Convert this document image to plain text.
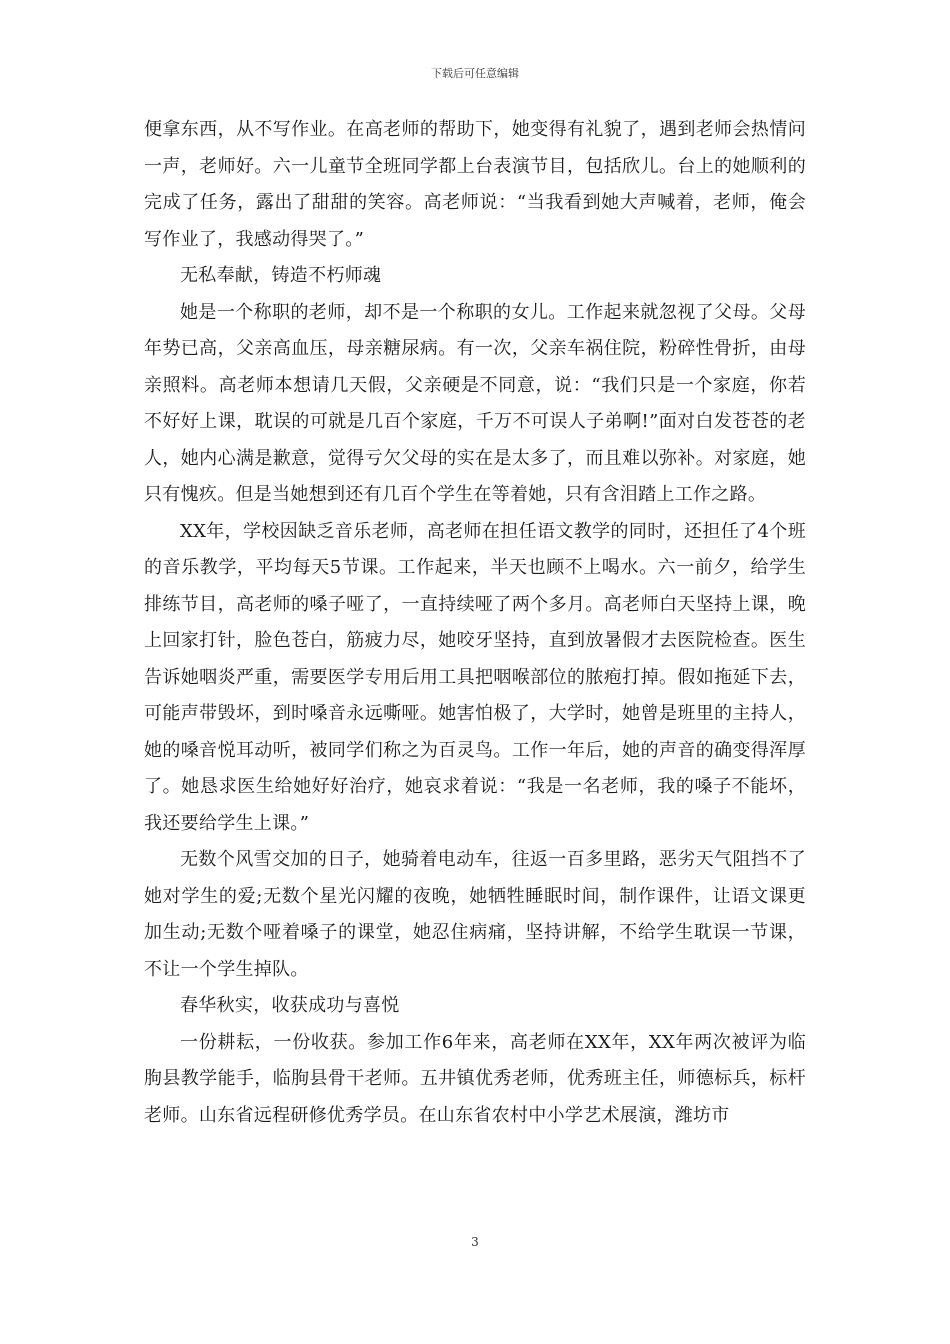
下载后可任意编辑

便拿东西，从不写作业。在高老师的帮助下，她变得有礼貌了，遇到老师会热情问一声，老师好。六一儿童节全班同学都上台表演节目，包括欣儿。台上的她顺利的完成了任务，露出了甜甜的笑容。高老师说：“当我看到她大声喊着，老师，俺会写作业了，我感动得哭了。”

无私奉献，铸造不朽师魂

她是一个称职的老师，却不是一个称职的女儿。工作起来就忽视了父母。父母年势已高，父亲高血压，母亲糖尿病。有一次，父亲车祸住院，粉碎性骨折，由母亲照料。高老师本想请几天假，父亲硬是不同意，说：“我们只是一个家庭，你若不好好上课，耽误的可就是几百个家庭，千万不可误人子弟啊!”面对白发苍苍的老人，她内心满是歉意，觉得亏欠父母的实在是太多了，而且难以弥补。对家庭，她只有愧疚。但是当她想到还有几百个学生在等着她，只有含泪踏上工作之路。

XX年，学校因缺乏音乐老师，高老师在担任语文教学的同时，还担任了4个班的音乐教学，平均每天5节课。工作起来，半天也顾不上喝水。六一前夕，给学生排练节目，高老师的嗓子哑了，一直持续哑了两个多月。高老师白天坚持上课，晚上回家打针，脸色苍白，筋疲力尽，她咬牙坚持，直到放暑假才去医院检查。医生告诉她咽炎严重，需要医学专用后用工具把咽喉部位的脓疱打掉。假如拖延下去，可能声带毁坏，到时嗓音永远嘶哑。她害怕极了，大学时，她曾是班里的主持人，她的嗓音悦耳动听，被同学们称之为百灵鸟。工作一年后，她的声音的确变得浑厚了。她恳求医生给她好好治疗，她哀求着说：“我是一名老师，我的嗓子不能坏，我还要给学生上课。”

无数个风雪交加的日子，她骑着电动车，往返一百多里路，恶劣天气阻挡不了她对学生的爱;无数个星光闪耀的夜晚，她牺牲睡眠时间，制作课件，让语文课更加生动;无数个哑着嗓子的课堂，她忍住病痛，坚持讲解，不给学生耽误一节课，不让一个学生掉队。

春华秋实，收获成功与喜悦

一份耕耘，一份收获。参加工作6年来，高老师在XX年，XX年两次被评为临朐县教学能手，临朐县骨干老师。五井镇优秀老师，优秀班主任，师德标兵，标杆老师。山东省远程研修优秀学员。在山东省农村中小学艺术展演，潍坊市

3
